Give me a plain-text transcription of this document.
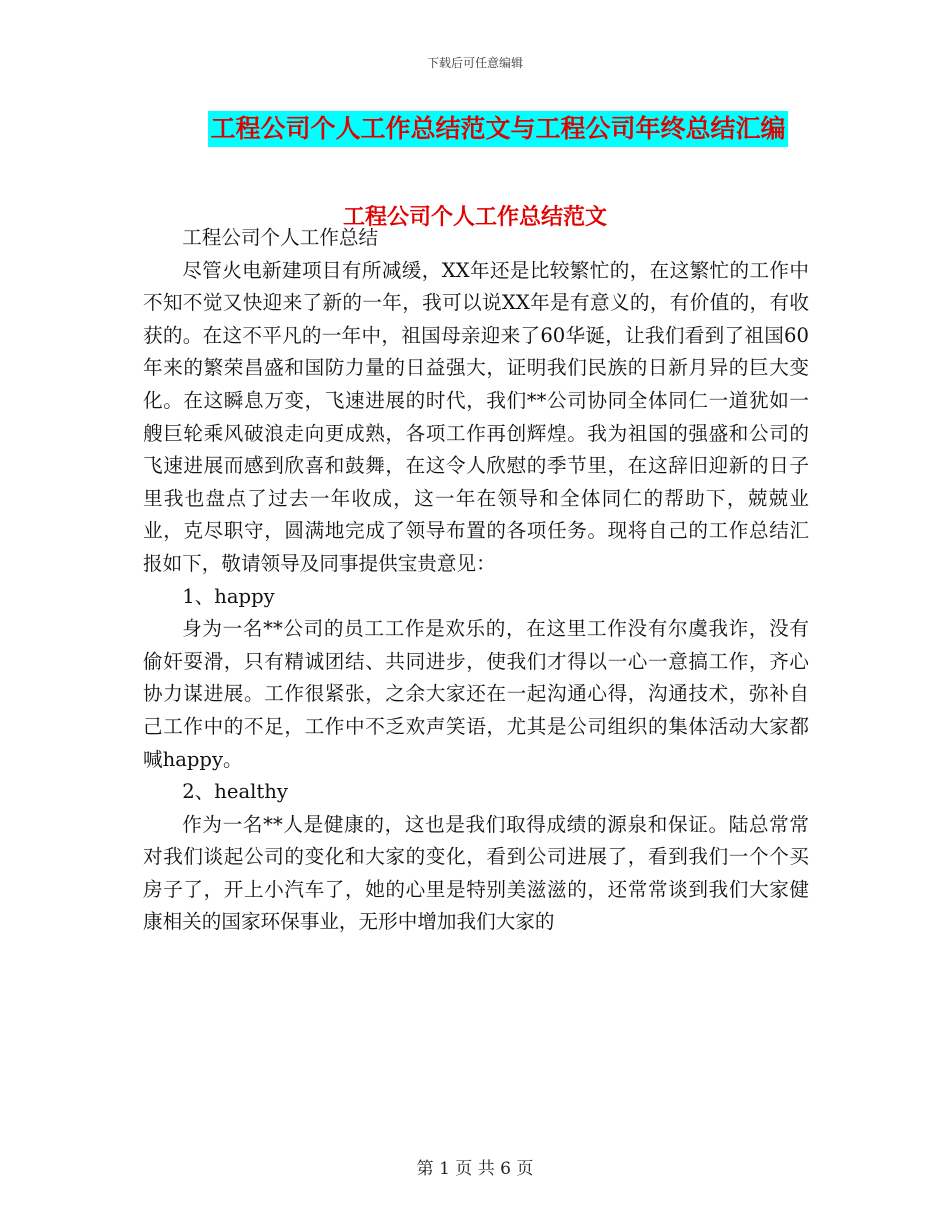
下载后可任意编辑
工程公司个人工作总结范文与工程公司年终总结汇编
工程公司个人工作总结范文

工程公司个人工作总结

尽管火电新建项目有所减缓，XX年还是比较繁忙的，在这繁忙的工作中不知不觉又快迎来了新的一年，我可以说XX年是有意义的，有价值的，有收获的。在这不平凡的一年中，祖国母亲迎来了60华诞，让我们看到了祖国60年来的繁荣昌盛和国防力量的日益强大，证明我们民族的日新月异的巨大变化。在这瞬息万变，飞速进展的时代，我们**公司协同全体同仁一道犹如一艘巨轮乘风破浪走向更成熟，各项工作再创辉煌。我为祖国的强盛和公司的飞速进展而感到欣喜和鼓舞，在这令人欣慰的季节里，在这辞旧迎新的日子里我也盘点了过去一年收成，这一年在领导和全体同仁的帮助下，兢兢业业，克尽职守，圆满地完成了领导布置的各项任务。现将自己的工作总结汇报如下，敬请领导及同事提供宝贵意见：

1、happy

身为一名**公司的员工工作是欢乐的，在这里工作没有尔虞我诈，没有偷奸耍滑，只有精诚团结、共同进步，使我们才得以一心一意搞工作，齐心协力谋进展。工作很紧张，之余大家还在一起沟通心得，沟通技术，弥补自己工作中的不足，工作中不乏欢声笑语，尤其是公司组织的集体活动大家都喊happy。

2、healthy

作为一名**人是健康的，这也是我们取得成绩的源泉和保证。陆总常常对我们谈起公司的变化和大家的变化，看到公司进展了，看到我们一个个买房子了，开上小汽车了，她的心里是特别美滋滋的，还常常谈到我们大家健康相关的国家环保事业，无形中增加我们大家的

第 1 页 共 6 页
